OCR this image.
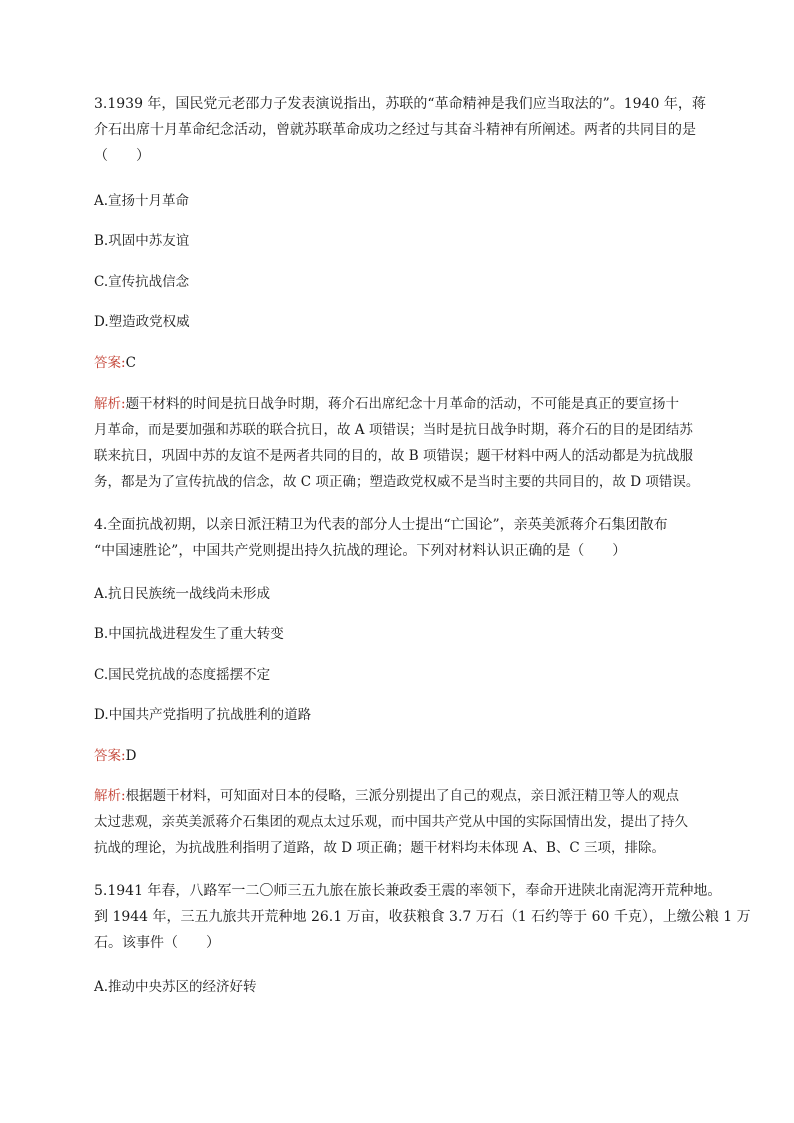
3.1939 年，国民党元老邵力子发表演说指出，苏联的“革命精神是我们应当取法的”。1940 年，蒋
介石出席十月革命纪念活动，曾就苏联革命成功之经过与其奋斗精神有所阐述。两者的共同目的是
（　　）
A.宣扬十月革命
B.巩固中苏友谊
C.宣传抗战信念
D.塑造政党权威
答案:C
解析:题干材料的时间是抗日战争时期，蒋介石出席纪念十月革命的活动，不可能是真正的要宣扬十
月革命，而是要加强和苏联的联合抗日，故 A 项错误；当时是抗日战争时期，蒋介石的目的是团结苏
联来抗日，巩固中苏的友谊不是两者共同的目的，故 B 项错误；题干材料中两人的活动都是为抗战服
务，都是为了宣传抗战的信念，故 C 项正确；塑造政党权威不是当时主要的共同目的，故 D 项错误。
4.全面抗战初期，以亲日派汪精卫为代表的部分人士提出“亡国论”，亲英美派蒋介石集团散布
“中国速胜论”，中国共产党则提出持久抗战的理论。下列对材料认识正确的是（　　）
A.抗日民族统一战线尚未形成
B.中国抗战进程发生了重大转变
C.国民党抗战的态度摇摆不定
D.中国共产党指明了抗战胜利的道路
答案:D
解析:根据题干材料，可知面对日本的侵略，三派分别提出了自己的观点，亲日派汪精卫等人的观点
太过悲观，亲英美派蒋介石集团的观点太过乐观，而中国共产党从中国的实际国情出发，提出了持久
抗战的理论，为抗战胜利指明了道路，故 D 项正确；题干材料均未体现 A、B、C 三项，排除。
5.1941 年春，八路军一二〇师三五九旅在旅长兼政委王震的率领下，奉命开进陕北南泥湾开荒种地。
到 1944 年，三五九旅共开荒种地 26.1 万亩，收获粮食 3.7 万石（1 石约等于 60 千克），上缴公粮 1 万
石。该事件（　　）
A.推动中央苏区的经济好转
